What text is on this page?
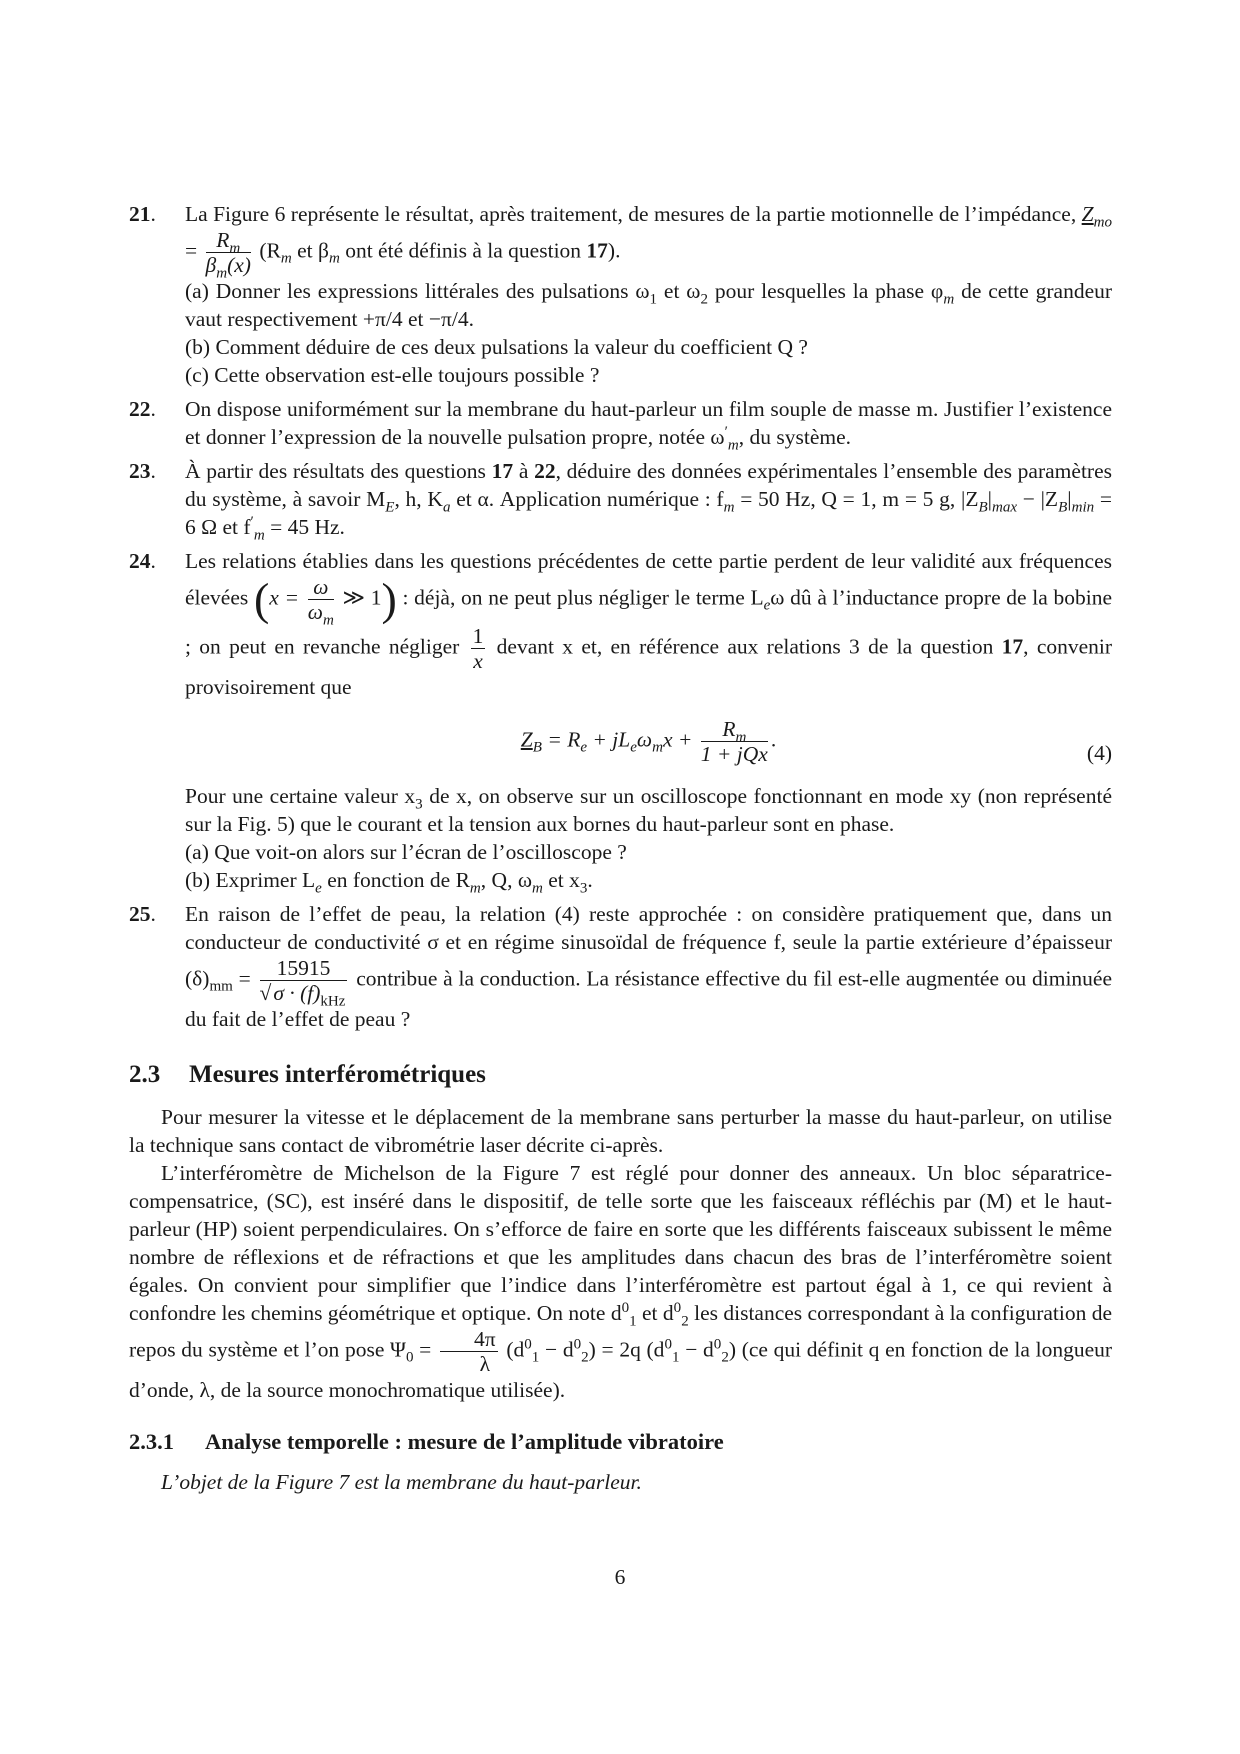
21 . La Figure 6 représente le résultat, après traitement, de mesures de la partie motionnelle de l’impédance, $Z_{mo} = \frac{R_m}{\beta_m(x)} (R_m$ et $\beta_m$ ont été définis à la question 17).
(a) Donner les expressions littérales des pulsations $\omega_1$ et $\omega_2$ pour lesquelles la phase $\varphi_m$ de cette grandeur vaut respectivement +π/4 et −π/4.
(b) Comment déduire de ces deux pulsations la valeur du coefficient Q ?
(c) Cette observation est-elle toujours possible ?
22 . On dispose uniformément sur la membrane du haut-parleur un film souple de masse m. Justifier l’existence et donner l’expression de la nouvelle pulsation propre, notée $\omega'_m$, du système.
23 . À partir des résultats des questions 17 à 22, déduire des données expérimentales l’ensemble des paramètres du système, à savoir $M_E$, h, $K_a$ et α. Application numérique : $f_m = 50$ Hz, Q = 1, m = 5 g, $|Z_B|_{max} - |Z_B|_{min} = 6$ Ω et $f'_m = 45$ Hz.
24 . Les relations établies dans les questions précédentes de cette partie perdent de leur validité aux fréquences élevées ($x = \frac{\omega}{\omega_m}$ ≫ 1) : déjà, on ne peut plus négliger le terme $L_e\omega$ dû à l’inductance propre de la bobine ; on peut en revanche négliger $\frac{1}{x}$ devant x et, en référence aux relations 3 de la question 17, convenir provisoirement que
$Z_B = R_e + jL_e\omega_mx + \frac{R_m}{\text{1 + jQx}}$ .
(4)
Pour une certaine valeur $x_3$ de x, on observe sur un oscilloscope fonctionnant en mode xy (non représenté sur la Fig. 5) que le courant et la tension aux bornes du haut-parleur sont en phase.
(a) Que voit-on alors sur l’écran de l’oscilloscope ?
(b) Exprimer $L_e$ en fonction de $R_m$, Q, $\omega_m$ et $x_3$.
25 . En raison de l’effet de peau, la relation (4) reste approchée : on considère pratiquement que, dans un conducteur de conductivité σ et en régime sinusoïdal de fréquence f, seule la partie extérieure d’épaisseur $(\delta)_{mm} = \frac{15915}{√\sigma \cdot (f)_{kHz}}$ contribue à la conduction. La résistance effective du fil est-elle augmentée ou diminuée du fait de l’effet de peau ?
2.3 Mesures interférométriques

Pour mesurer la vitesse et le déplacement de la membrane sans perturber la masse du haut-parleur, on utilise la technique sans contact de vibrométrie laser décrite ci-après.

L’interféromètre de Michelson de la Figure 7 est réglé pour donner des anneaux. Un bloc séparatrice-compensatrice, (SC), est inséré dans le dispositif, de telle sorte que les faisceaux réfléchis par (M) et le haut-parleur (HP) soient perpendiculaires. On s’efforce de faire en sorte que les différents faisceaux subissent le même nombre de réflexions et de réfractions et que les amplitudes dans chacun des bras de l’interféromètre soient égales. On convient pour simplifier que l’indice dans l’interféromètre est partout égal à 1, ce qui revient à confondre les chemins géométrique et optique. On note $d^0_1$ et $d^0_2$ les distances correspondant à la configuration de repos du système et l’on pose $\Psi_0 = \frac{4\pi}{\lambda} (d^0_1 - d^0_2) = 2q$ $(d^0_1 - d^0_2)$ (ce qui définit q en fonction de la longueur d’onde, λ, de la source monochromatique utilisée).

2.3.1 Analyse temporelle : mesure de l’amplitude vibratoire

L’objet de la Figure 7 est la membrane du haut-parleur.

6
